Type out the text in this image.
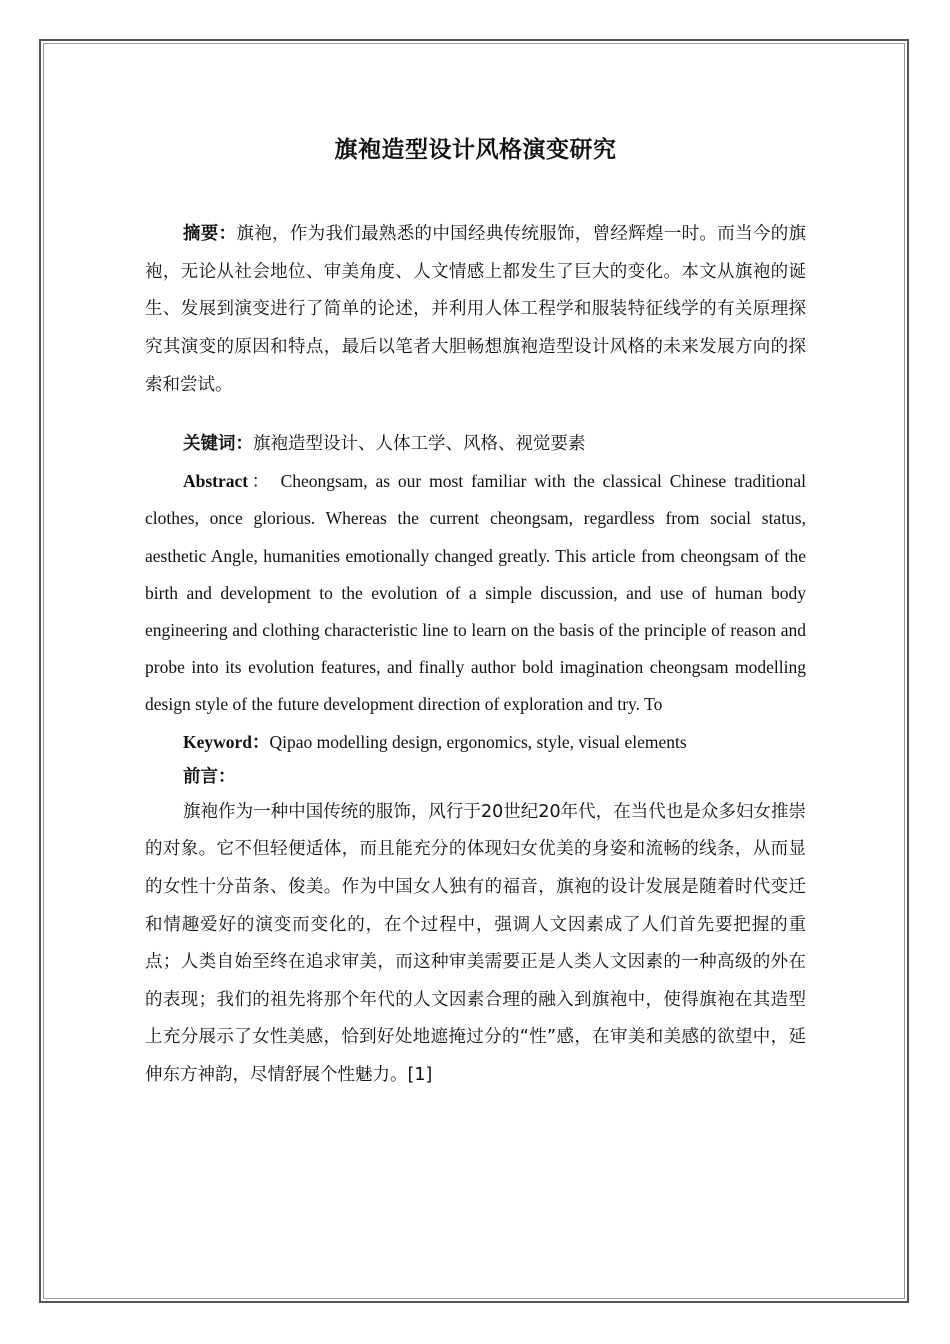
旗袍造型设计风格演变研究

摘要：旗袍，作为我们最熟悉的中国经典传统服饰，曾经辉煌一时。而当今的旗袍，无论从社会地位、审美角度、人文情感上都发生了巨大的变化。本文从旗袍的诞生、发展到演变进行了简单的论述，并利用人体工程学和服装特征线学的有关原理探究其演变的原因和特点，最后以笔者大胆畅想旗袍造型设计风格的未来发展方向的探索和尝试。

关键词：旗袍造型设计、人体工学、风格、视觉要素

Abstract： Cheongsam, as our most familiar with the classical Chinese traditional clothes, once glorious. Whereas the current cheongsam, regardless from social status, aesthetic Angle, humanities emotionally changed greatly. This article from cheongsam of the birth and development to the evolution of a simple discussion, and use of human body engineering and clothing characteristic line to learn on the basis of the principle of reason and probe into its evolution features, and finally author bold imagination cheongsam modelling design style of the future development direction of exploration and try. To

Keyword：Qipao modelling design, ergonomics, style, visual elements

前言：

旗袍作为一种中国传统的服饰，风行于20世纪20年代，在当代也是众多妇女推崇的对象。它不但轻便适体，而且能充分的体现妇女优美的身姿和流畅的线条，从而显的女性十分苗条、俊美。作为中国女人独有的福音，旗袍的设计发展是随着时代变迁和情趣爱好的演变而变化的，在个过程中，强调人文因素成了人们首先要把握的重点；人类自始至终在追求审美，而这种审美需要正是人类人文因素的一种高级的外在的表现；我们的祖先将那个年代的人文因素合理的融入到旗袍中，使得旗袍在其造型上充分展示了女性美感，恰到好处地遮掩过分的“性”感，在审美和美感的欲望中，延伸东方神韵，尽情舒展个性魅力。[1]
